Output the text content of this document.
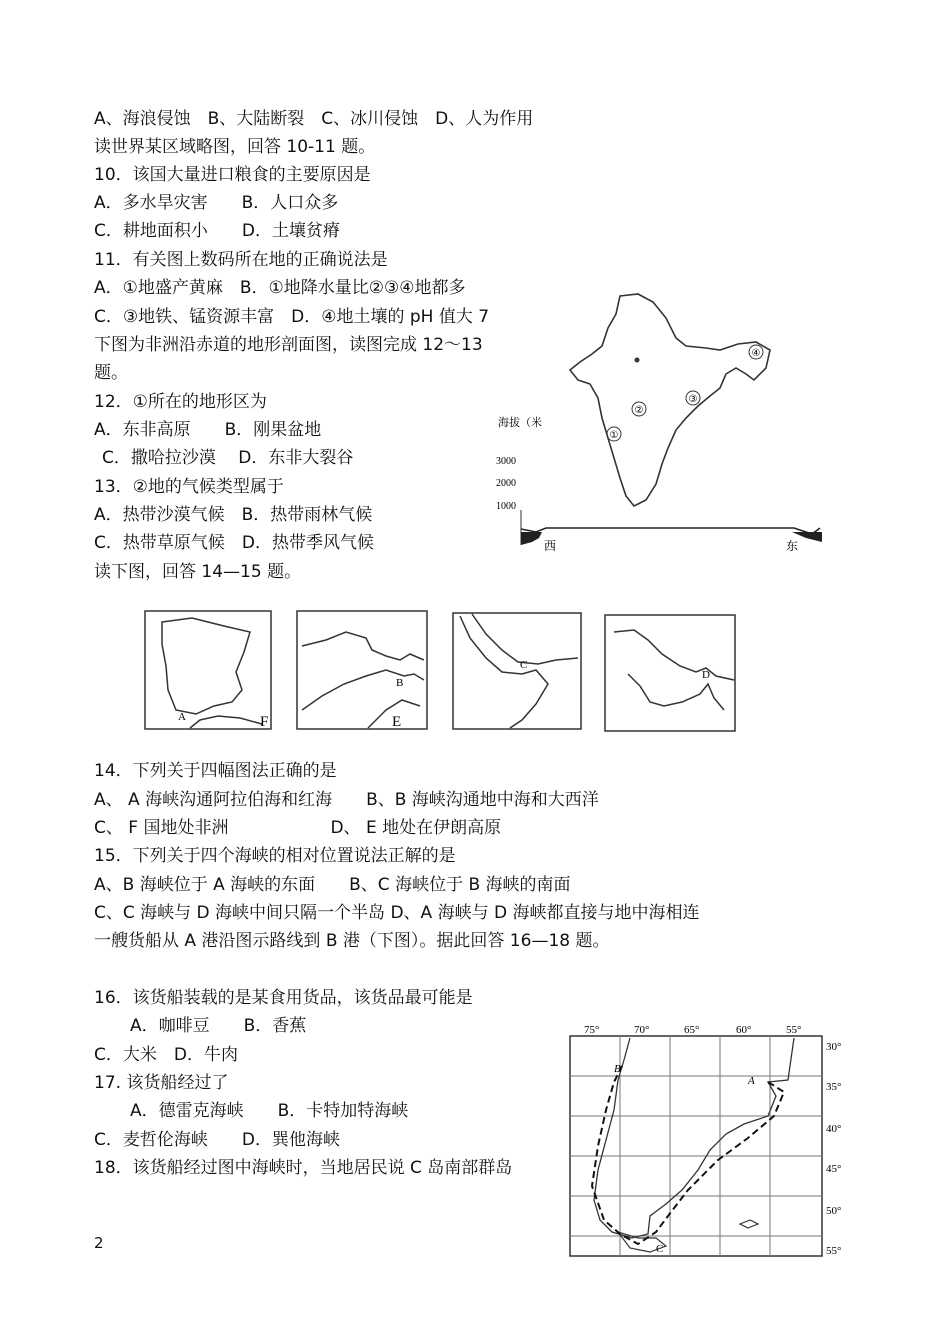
A、海浪侵蚀　B、大陆断裂　C、冰川侵蚀　D、人为作用
读世界某区域略图，回答 10-11 题。
10．该国大量进口粮食的主要原因是
A．多水旱灾害　　B．人口众多
C．耕地面积小　　D．土壤贫瘠
11．有关图上数码所在地的正确说法是
A．①地盛产黄麻　B．①地降水量比②③④地都多
C．③地铁、锰资源丰富　D．④地土壤的 pH 值大 7
下图为非洲沿赤道的地形剖面图，读图完成 12～13
题。
12．①所在的地形区为
A．东非高原　　B．刚果盆地
C．撒哈拉沙漠　 D．东非大裂谷
13．②地的气候类型属于
A．热带沙漠气候　B．热带雨林气候
C．热带草原气候　D．热带季风气候
读下图，回答 14—15 题。
14．下列关于四幅图法正确的是
A、 A 海峡沟通阿拉伯海和红海　　B、B 海峡沟通地中海和大西洋
C、 F 国地处非洲　　　　　　D、 E 地处在伊朗高原
15．下列关于四个海峡的相对位置说法正解的是
A、B 海峡位于 A 海峡的东面　　B、C 海峡位于 B 海峡的南面
C、C 海峡与 D 海峡中间只隔一个半岛 D、A 海峡与 D 海峡都直接与地中海相连
一艘货船从 A 港沿图示路线到 B 港（下图）。据此回答 16—18 题。
16．该货船装载的是某食用货品，该货品最可能是
A．咖啡豆　　B．香蕉
C．大米　D．牛肉
17. 该货船经过了
A．德雷克海峡　　B．卡特加特海峡
C．麦哲伦海峡　　D．巽他海峡
18．该货船经过图中海峡时，当地居民说 C 岛南部群岛
2
①
②
③
④
海拔（米
3000
2000
1000
西	东
A	F
B
E
C
D
75°	70°	65°	60°	55°
30°
35°
40°
45°
50°
55°
A
B
C
